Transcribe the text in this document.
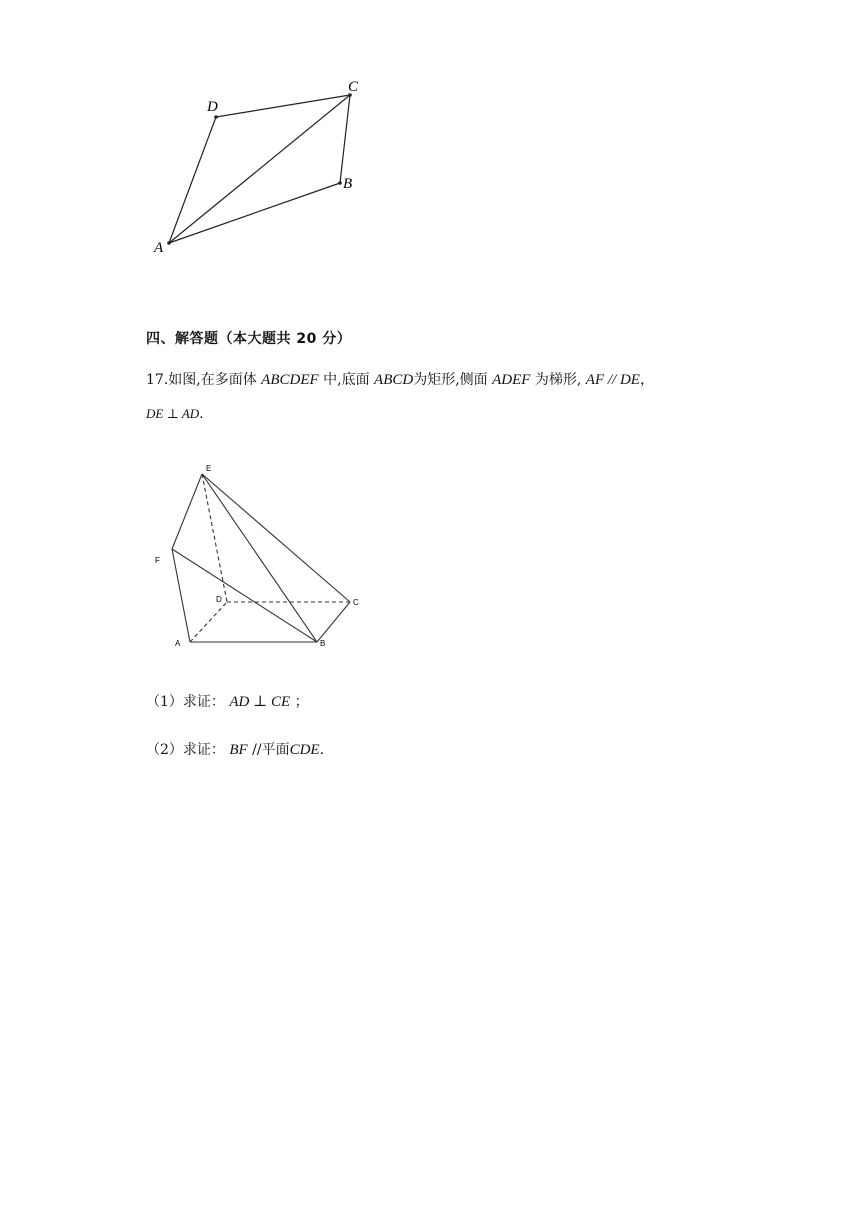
A
D
C
B
四、解答题（本大题共 20 分）
17.如图,在多面体 ABCDEF 中,底面 ABCD为矩形,侧面 ADEF 为梯形, AF // DE，
DE ⊥ AD.
E
F
D	C
A	B
（1）求证： AD ⊥ CE ；
（2）求证： BF //平面CDE.
